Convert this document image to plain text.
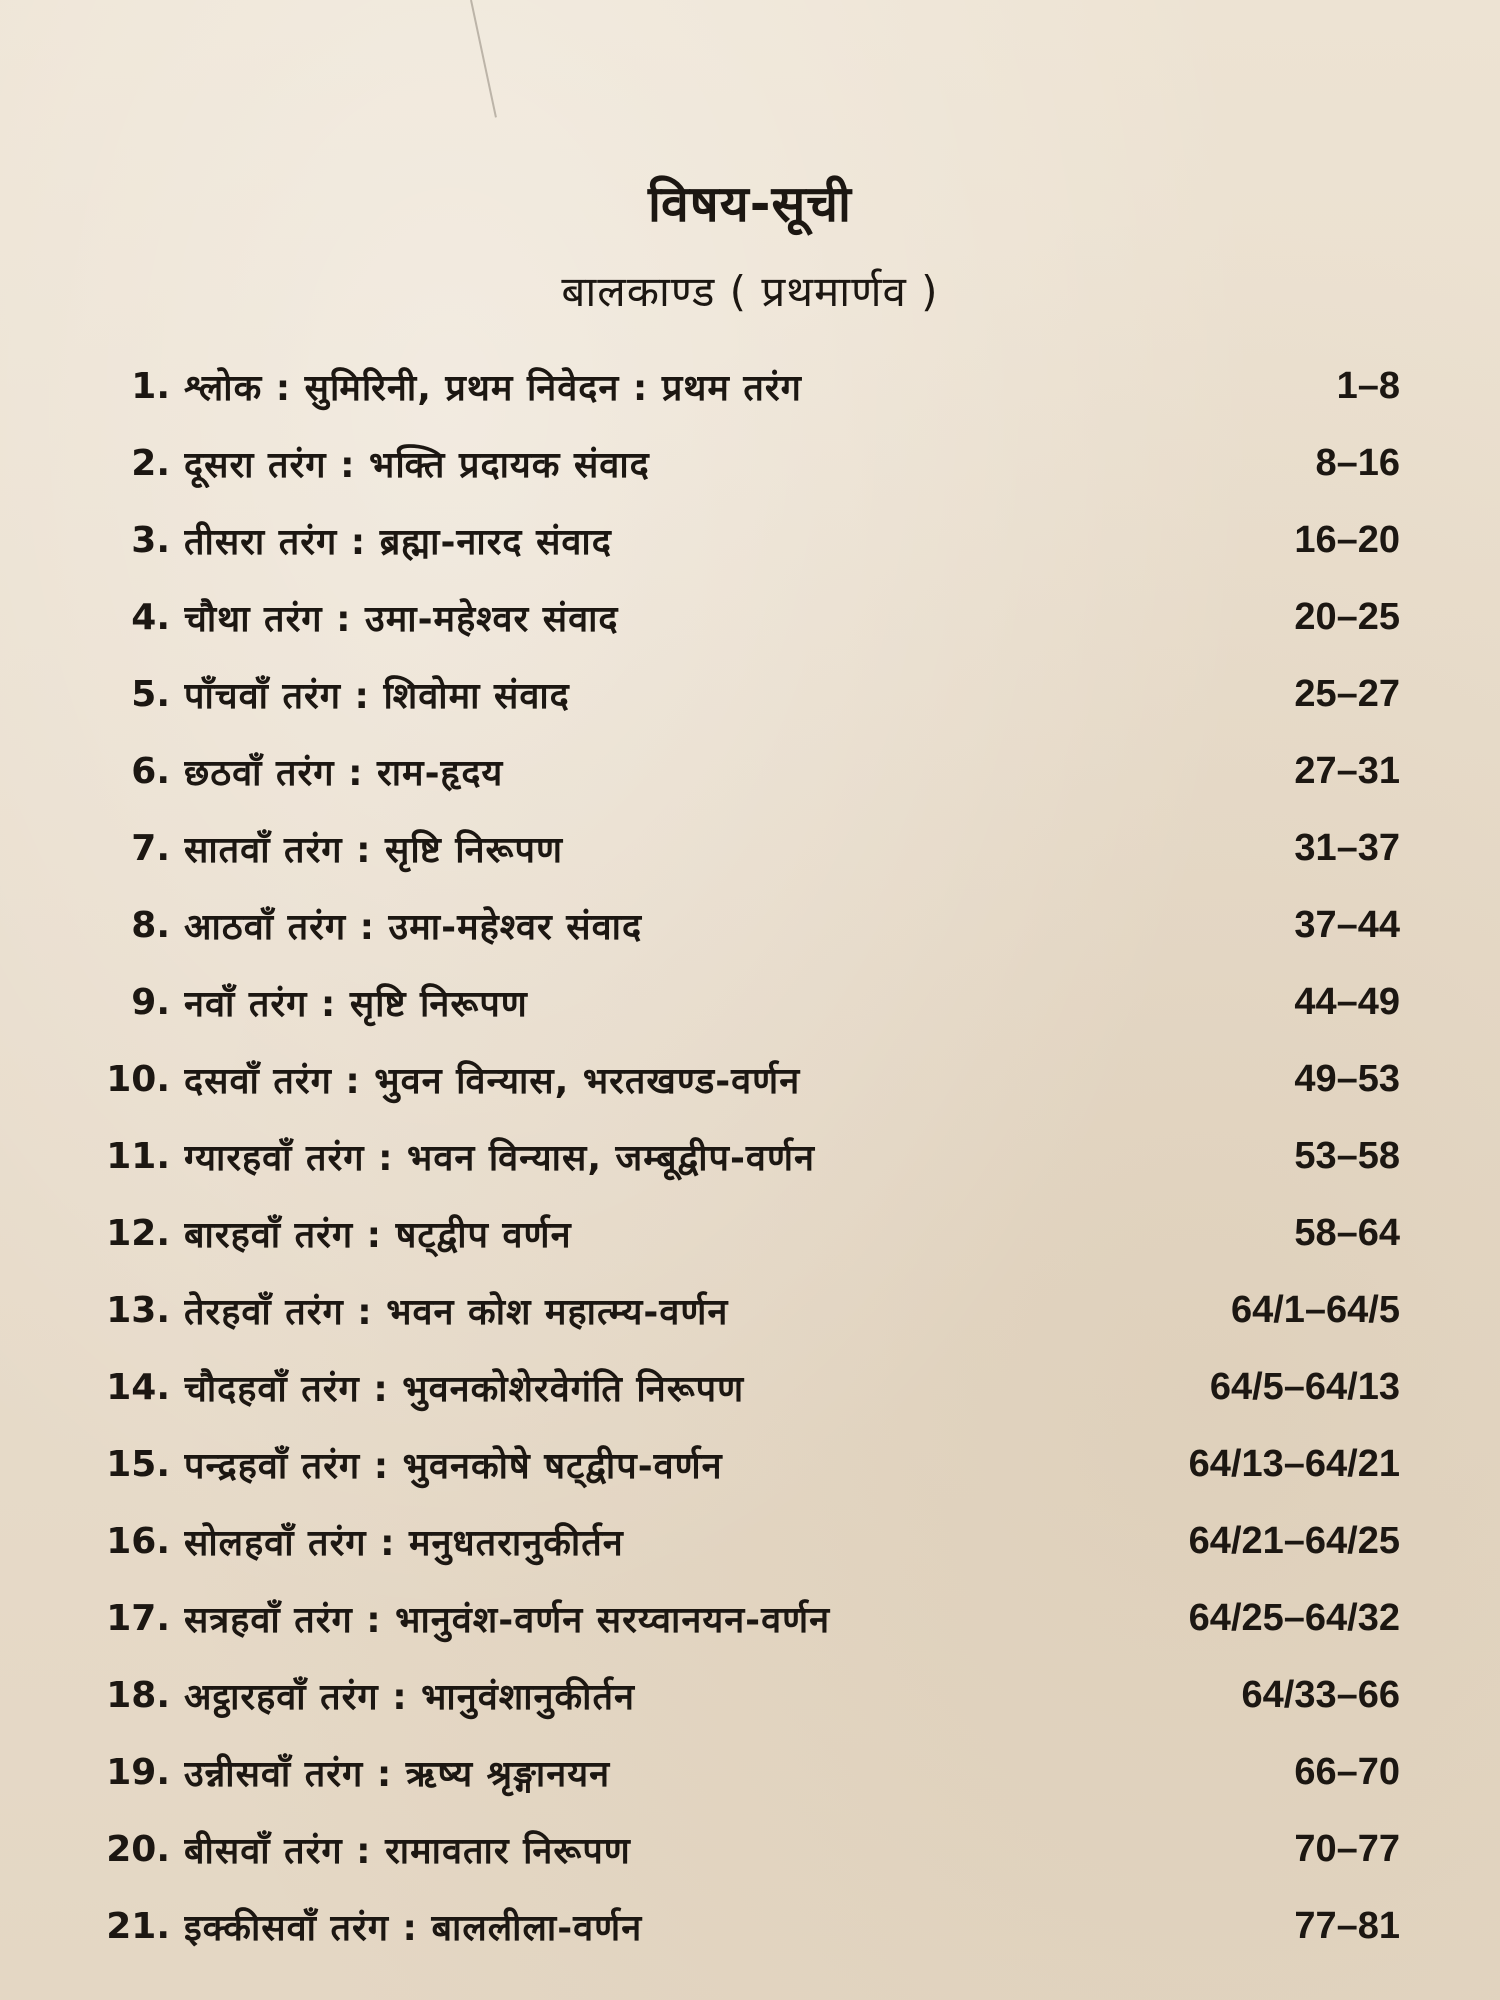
विषय-सूची
बालकाण्ड ( प्रथमार्णव )
1. श्लोक : सुमिरिनी, प्रथम निवेदन : प्रथम तरंग	1–8
2. दूसरा तरंग : भक्ति प्रदायक संवाद	8–16
3. तीसरा तरंग : ब्रह्मा-नारद संवाद	16–20
4. चौथा तरंग : उमा-महेश्वर संवाद	20–25
5. पाँचवाँ तरंग : शिवोमा संवाद	25–27
6. छठवाँ तरंग : राम-हृदय	27–31
7. सातवाँ तरंग : सृष्टि निरूपण	31–37
8. आठवाँ तरंग : उमा-महेश्वर संवाद	37–44
9. नवाँ तरंग : सृष्टि निरूपण	44–49
10. दसवाँ तरंग : भुवन विन्यास, भरतखण्ड-वर्णन	49–53
11. ग्यारहवाँ तरंग : भवन विन्यास, जम्बूद्वीप-वर्णन	53–58
12. बारहवाँ तरंग : षट्द्वीप वर्णन	58–64
13. तेरहवाँ तरंग : भवन कोश महात्म्य-वर्णन	64/1–64/5
14. चौदहवाँ तरंग : भुवनकोशेरवेगंति निरूपण	64/5–64/13
15. पन्द्रहवाँ तरंग : भुवनकोषे षट्द्वीप-वर्णन	64/13–64/21
16. सोलहवाँ तरंग : मनुधतरानुकीर्तन	64/21–64/25
17. सत्रहवाँ तरंग : भानुवंश-वर्णन सरय्वानयन-वर्णन	64/25–64/32
18. अट्ठारहवाँ तरंग : भानुवंशानुकीर्तन	64/33–66
19. उन्नीसवाँ तरंग : ऋष्य श्रृङ्गानयन	66–70
20. बीसवाँ तरंग : रामावतार निरूपण	70–77
21. इक्कीसवाँ तरंग : बाललीला-वर्णन	77–81
